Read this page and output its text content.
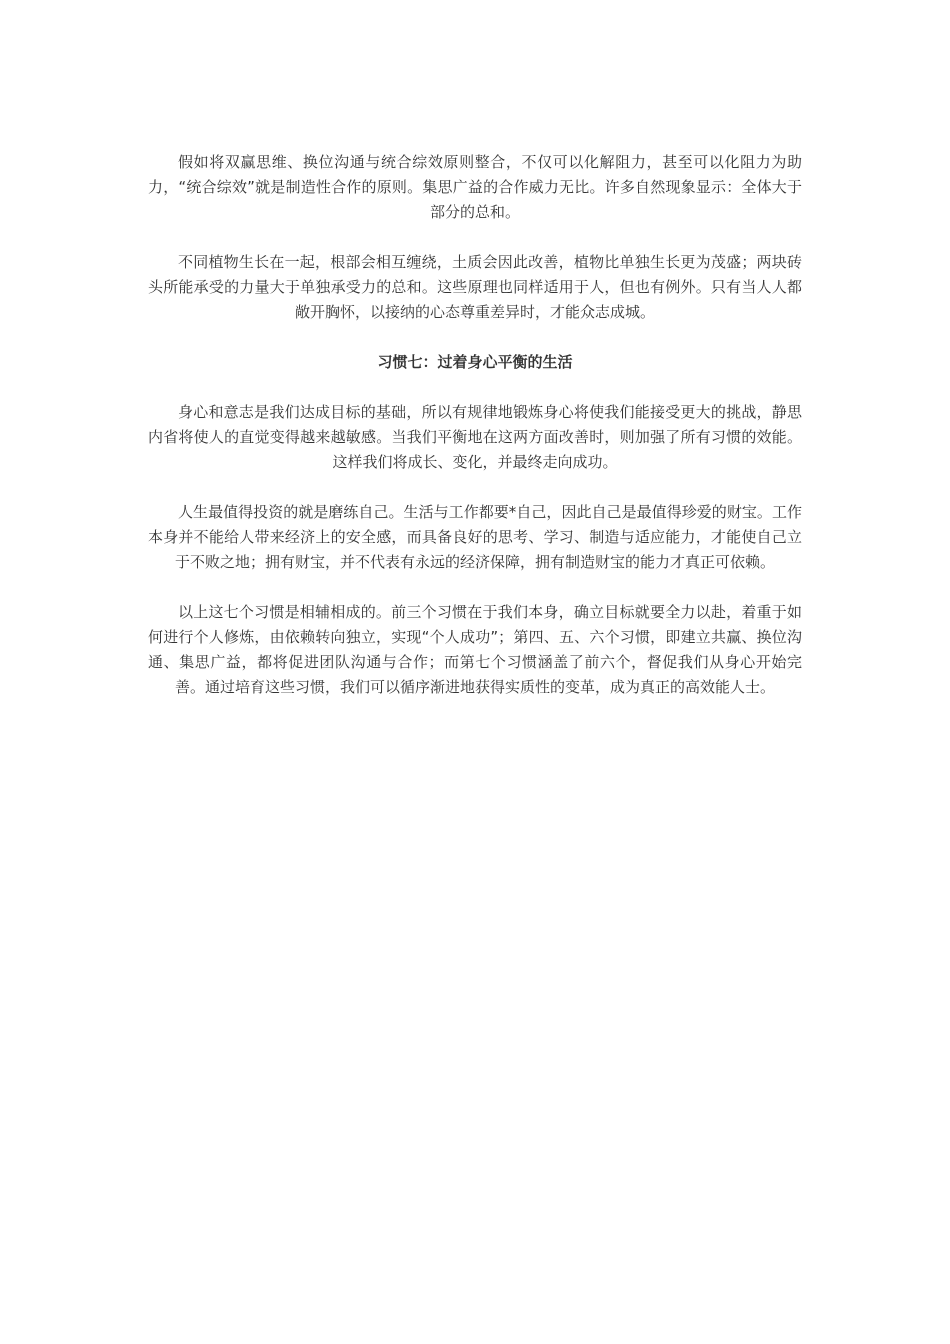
假如将双赢思维、换位沟通与统合综效原则整合，不仅可以化解阻力，甚至可以化阻力为助力，“统合综效”就是制造性合作的原则。集思广益的合作威力无比。许多自然现象显示：全体大于部分的总和。

不同植物生长在一起，根部会相互缠绕，土质会因此改善，植物比单独生长更为茂盛；两块砖头所能承受的力量大于单独承受力的总和。这些原理也同样适用于人，但也有例外。只有当人人都敞开胸怀，以接纳的心态尊重差异时，才能众志成城。

习惯七：过着身心平衡的生活

身心和意志是我们达成目标的基础，所以有规律地锻炼身心将使我们能接受更大的挑战，静思内省将使人的直觉变得越来越敏感。当我们平衡地在这两方面改善时，则加强了所有习惯的效能。这样我们将成长、变化，并最终走向成功。

人生最值得投资的就是磨练自己。生活与工作都要*自己，因此自己是最值得珍爱的财宝。工作本身并不能给人带来经济上的安全感，而具备良好的思考、学习、制造与适应能力，才能使自己立于不败之地；拥有财宝，并不代表有永远的经济保障，拥有制造财宝的能力才真正可依赖。

以上这七个习惯是相辅相成的。前三个习惯在于我们本身，确立目标就要全力以赴，着重于如何进行个人修炼，由依赖转向独立，实现“个人成功”；第四、五、六个习惯，即建立共赢、换位沟通、集思广益，都将促进团队沟通与合作；而第七个习惯涵盖了前六个，督促我们从身心开始完善。通过培育这些习惯，我们可以循序渐进地获得实质性的变革，成为真正的高效能人士。
